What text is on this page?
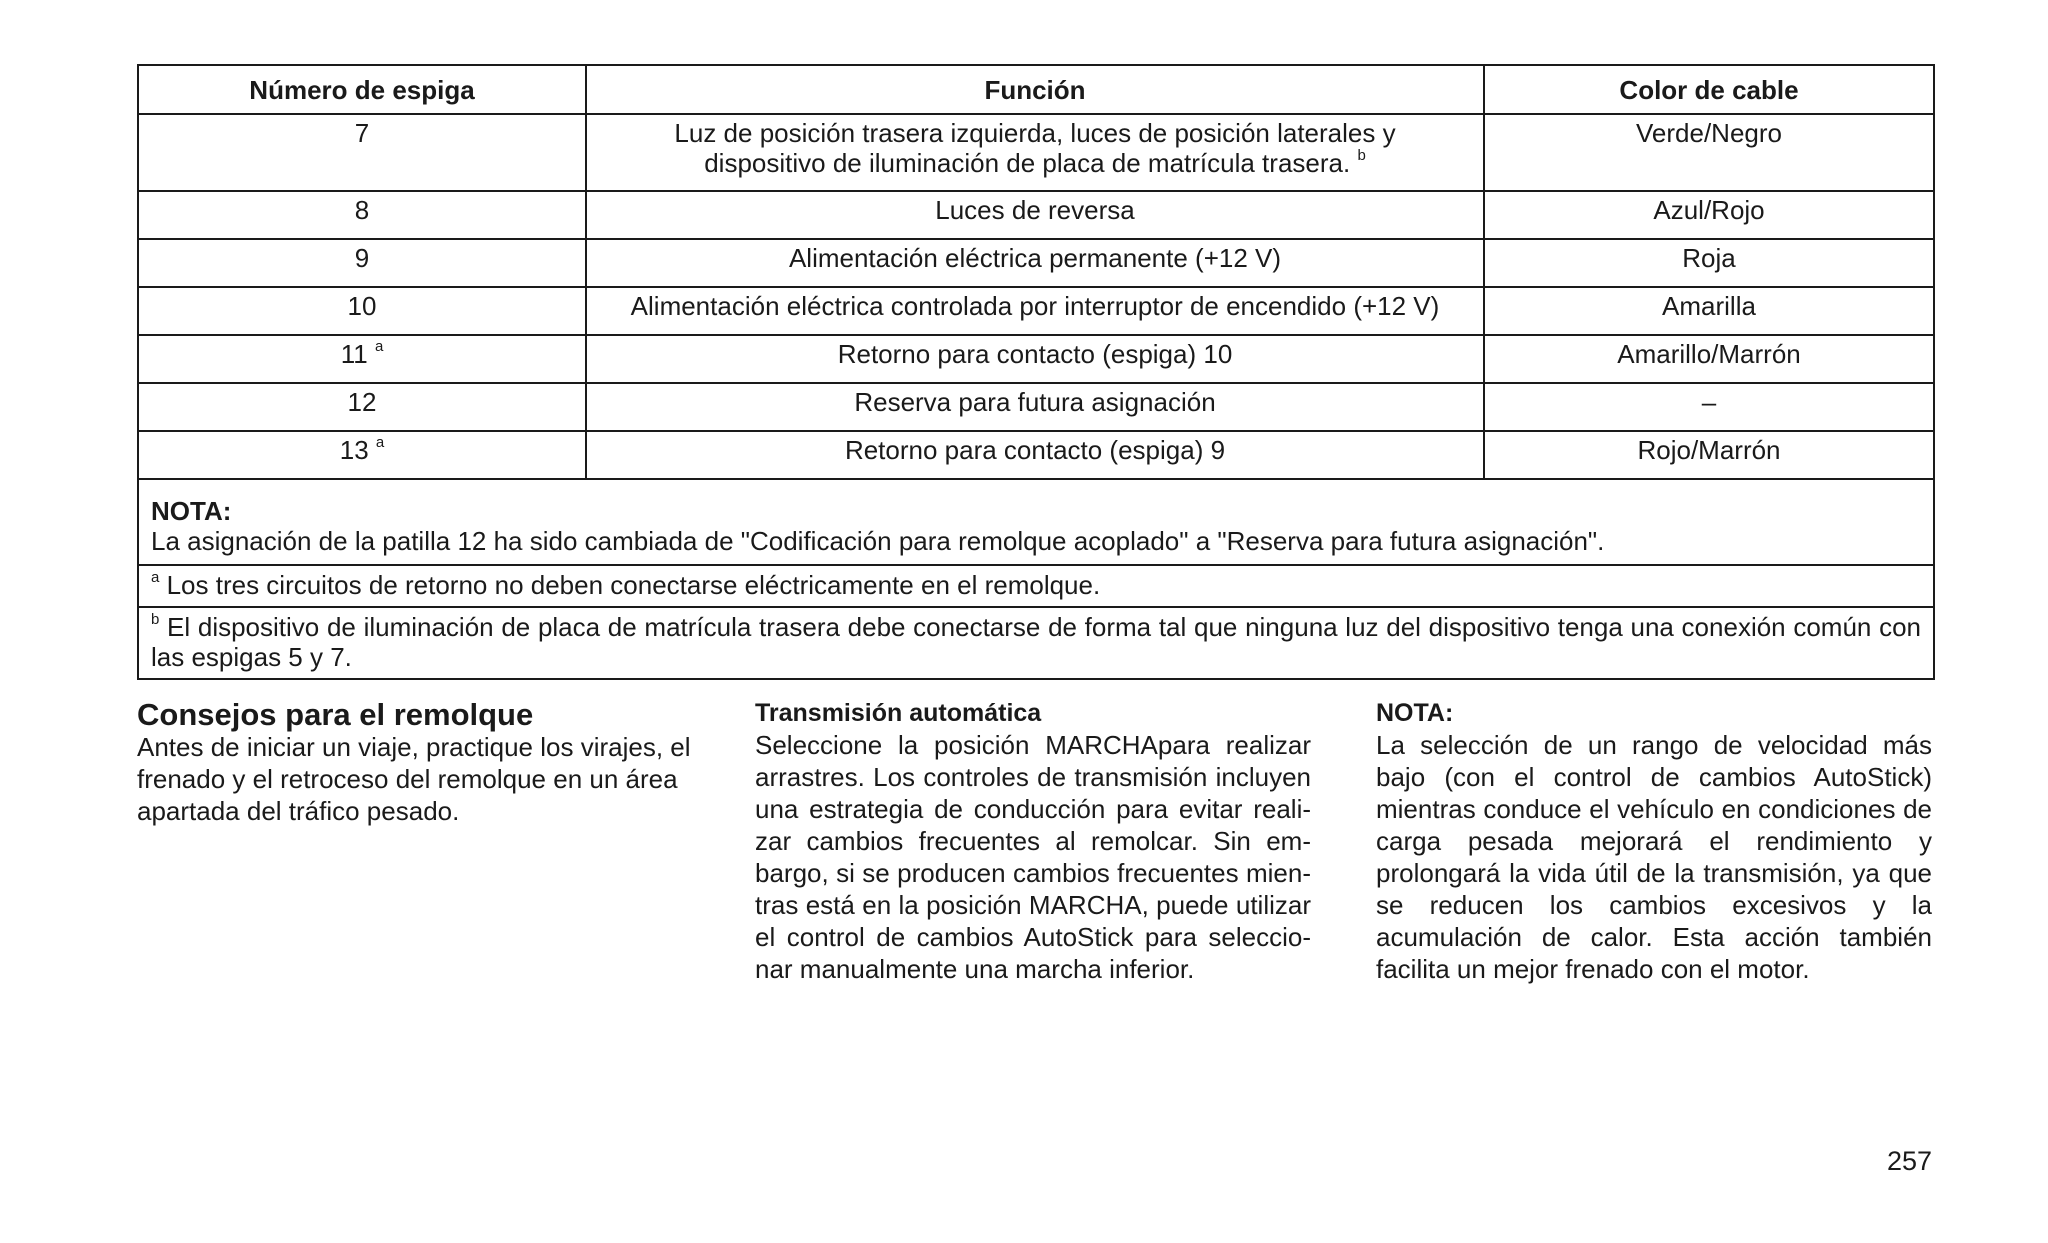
Número de espiga	Función	Color de cable
7	Luz de posición trasera izquierda, luces de posición laterales y dispositivo de iluminación de placa de matrícula trasera. $^b$	Verde/Negro
8	Luces de reversa	Azul/Rojo
9	Alimentación eléctrica permanente (+12 V)	Roja
10	Alimentación eléctrica controlada por interruptor de encendido (+12 V)	Amarilla
11 $^a$	Retorno para contacto (espiga) 10	Amarillo/Marrón
12	Reserva para futura asignación	–
13 $^a$	Retorno para contacto (espiga) 9	Rojo/Marrón

NOTA:
La asignación de la patilla 12 ha sido cambiada de "Codificación para remolque acoplado" a "Reserva para futura asignación".		
$^a$ Los tres circuitos de retorno no deben conectarse eléctricamente en el remolque.		
$^b$ El dispositivo de iluminación de placa de matrícula trasera debe conectarse de forma tal que ninguna luz del dispositivo tenga una conexión común con las espigas 5 y 7.		
Consejos para el remolque
Antes de iniciar un viaje, practique los virajes, el frenado y el retroceso del remolque en un área apartada del tráfico pesado.
Transmisión automática
Seleccione la posición MARCHApara realizar arrastres. Los controles de transmisión incluyen una estrategia de conducción para evitar reali-zar cambios frecuentes al remolcar. Sin em-bargo, si se producen cambios frecuentes mien-tras está en la posición MARCHA, puede utilizar el control de cambios AutoStick para seleccio-nar manualmente una marcha inferior.
NOTA:
La selección de un rango de velocidad más bajo (con el control de cambios AutoStick) mientras conduce el vehículo en condiciones de carga pesada mejorará el rendimiento y prolongará la vida útil de la transmisión, ya que se reducen los cambios excesivos y la acumulación de calor. Esta acción también facilita un mejor frenado con el motor.
257
